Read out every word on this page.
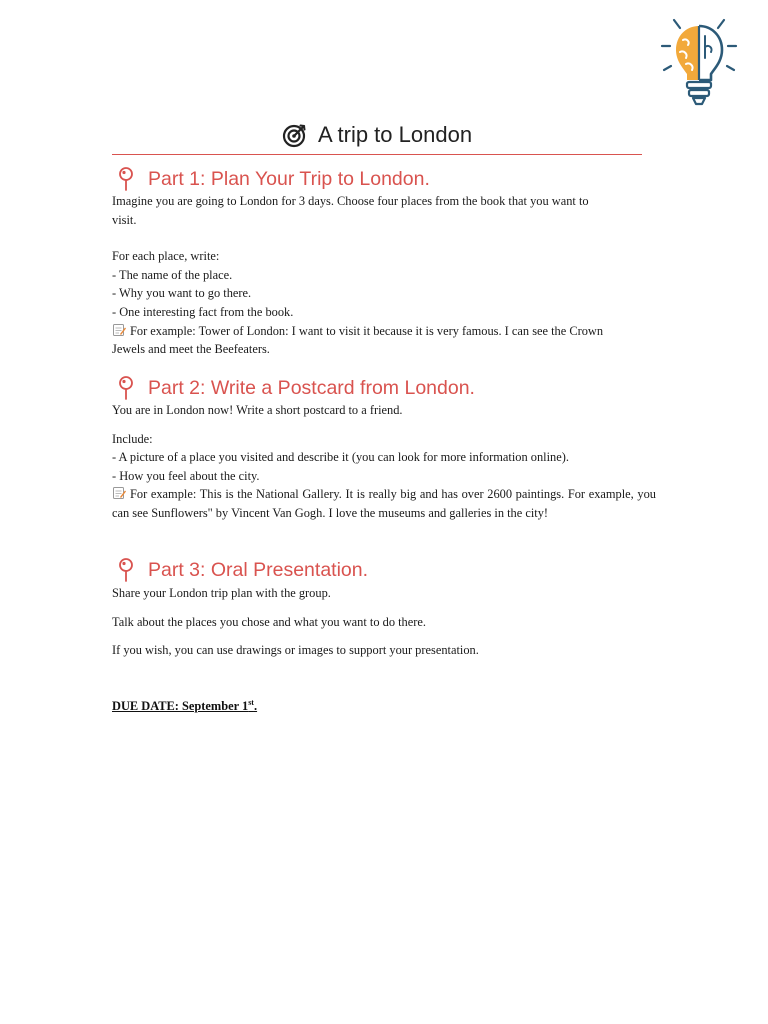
A trip to London
Part 1: Plan Your Trip to London.

Imagine you are going to London for 3 days. Choose four places from the book that you want to

visit.

For each place, write:

- The name of the place.

- Why you want to go there.

- One interesting fact from the book.

For example: Tower of London: I want to visit it because it is very famous. I can see the Crown

Jewels and meet the Beefeaters.

Part 2: Write a Postcard from London.

You are in London now! Write a short postcard to a friend.

Include:

- A picture of a place you visited and describe it (you can look for more information online).

- How you feel about the city.

For example: This is the National Gallery. It is really big and has over 2600 paintings. For example, you can see Sunflowers" by Vincent Van Gogh. I love the museums and galleries in the city!

Part 3: Oral Presentation.

Share your London trip plan with the group.

Talk about the places you chose and what you want to do there.

If you wish, you can use drawings or images to support your presentation.

DUE DATE: September 1st.
